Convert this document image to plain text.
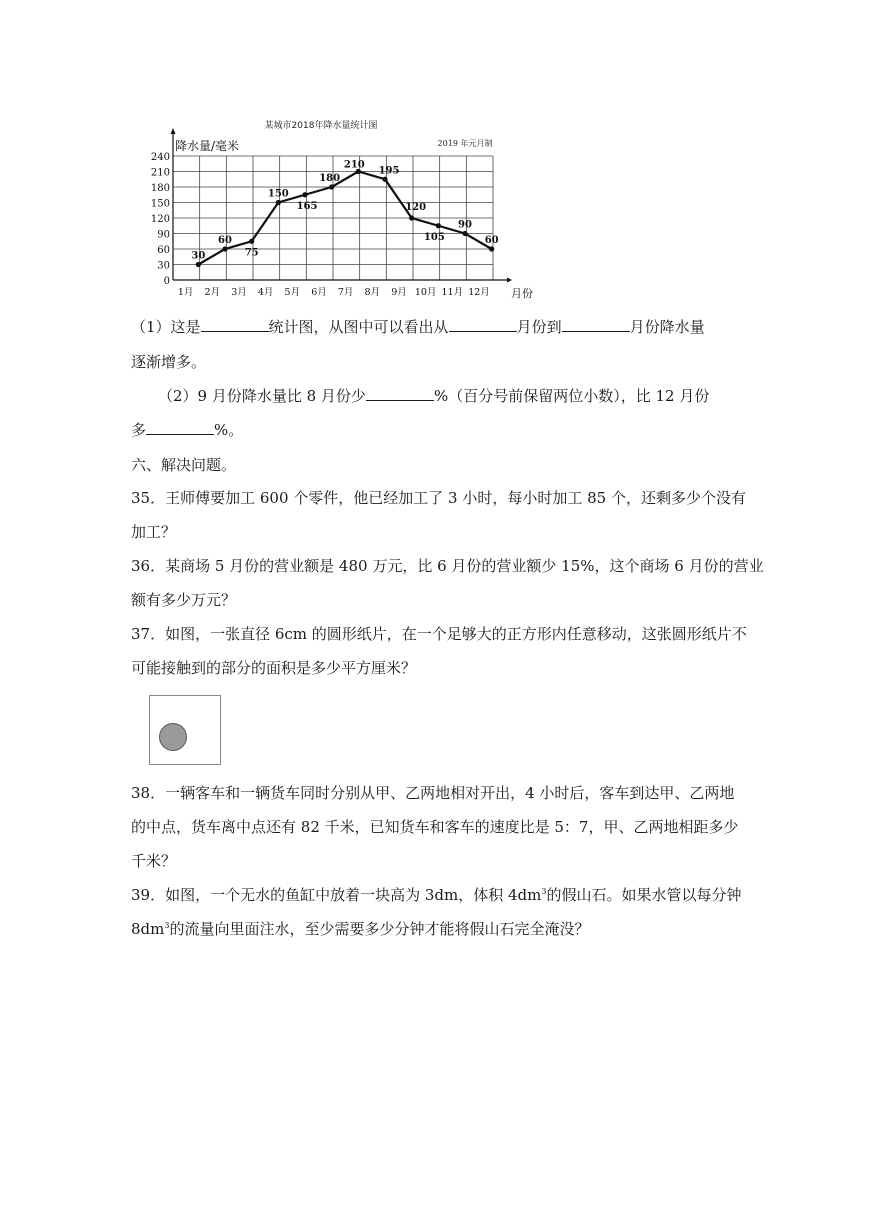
某城市2018年降水量统计图
2019 年元月制
0
30
60
90
120
150
180
210
240
降水量/毫米
月份
1月 2月 3月 4月 5月 6月 7月 8月 9月 10月 11月 12月
30
60
75
150
165
180
210
195
120
105
90
60
（1）这是	统计图，从图中可以看出从	月份到	月份降水量
逐渐增多。
（2）9 月份降水量比 8 月份少	%（百分号前保留两位小数），比 12 月份
多	%。
六、解决问题。
35．王师傅要加工 600 个零件，他已经加工了 3 小时，每小时加工 85 个，还剩多少个没有
加工？
36．某商场 5 月份的营业额是 480 万元，比 6 月份的营业额少 15%，这个商场 6 月份的营业
额有多少万元？
37．如图，一张直径 6cm 的圆形纸片，在一个足够大的正方形内任意移动，这张圆形纸片不
可能接触到的部分的面积是多少平方厘米？
38．一辆客车和一辆货车同时分别从甲、乙两地相对开出，4 小时后，客车到达甲、乙两地
的中点，货车离中点还有 82 千米，已知货车和客车的速度比是 5：7，甲、乙两地相距多少
千米？
39．如图，一个无水的鱼缸中放着一块高为 3dm，体积 $4dm^3$的假山石。如果水管以每分钟
$8dm^3$的流量向里面注水，至少需要多少分钟才能将假山石完全淹没？
